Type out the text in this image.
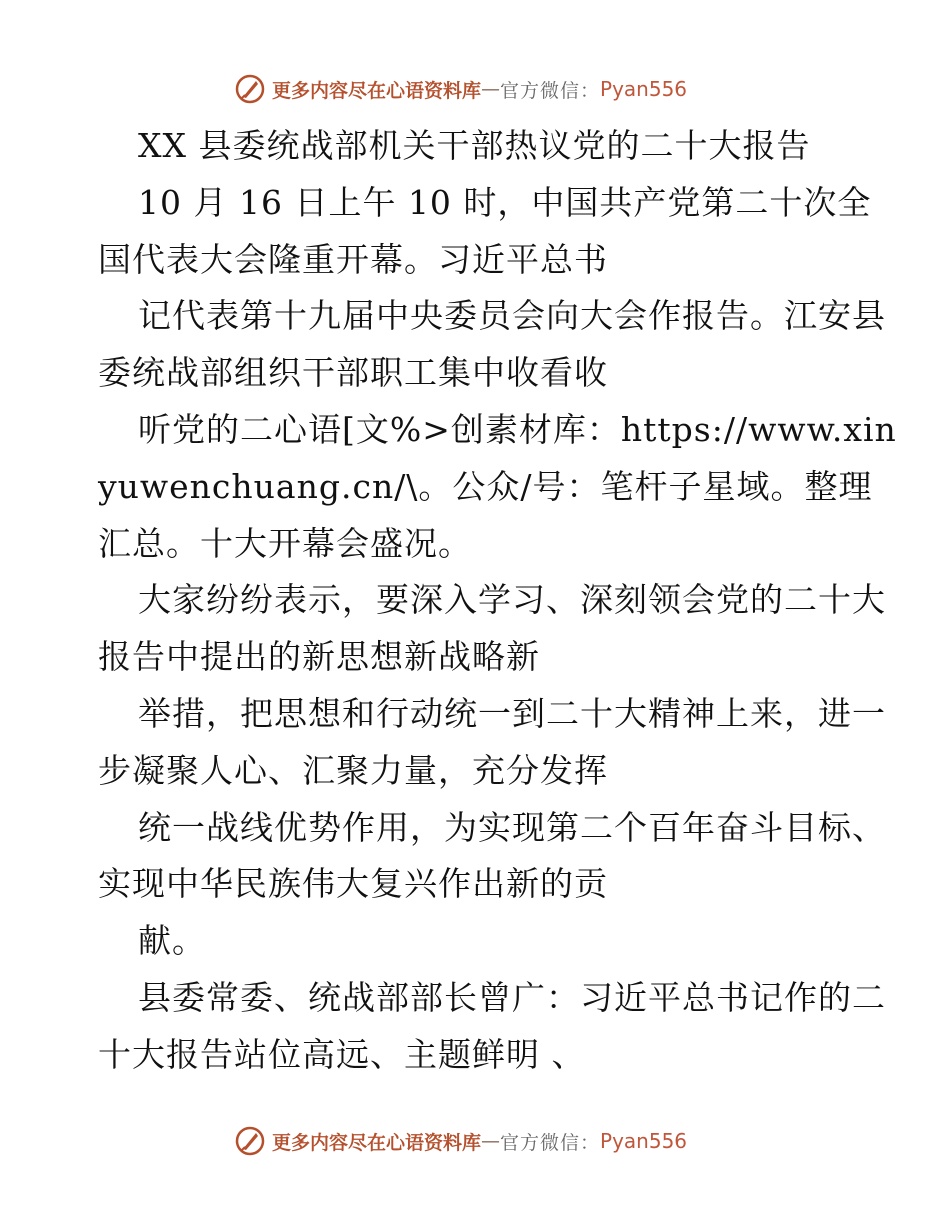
更多内容尽在心语资料库 — 官方微信： Pyan556

XX 县委统战部机关干部热议党的二十大报告

10 月 16 日上午 10 时，中国共产党第二十次全国代表大会隆重开幕。习近平总书

记代表第十九届中央委员会向大会作报告。江安县委统战部组织干部职工集中收看收

听党的二心语[文%>创素材库：https://www.xinyuwenchuang.cn/\。公众/号：笔杆子星域。整理汇总。十大开幕会盛况。

大家纷纷表示，要深入学习、深刻领会党的二十大报告中提出的新思想新战略新

举措，把思想和行动统一到二十大精神上来，进一步凝聚人心、汇聚力量，充分发挥

统一战线优势作用，为实现第二个百年奋斗目标、实现中华民族伟大复兴作出新的贡

献。

县委常委、统战部部长曾广：习近平总书记作的二十大报告站位高远、主题鲜明 、

更多内容尽在心语资料库 — 官方微信： Pyan556
